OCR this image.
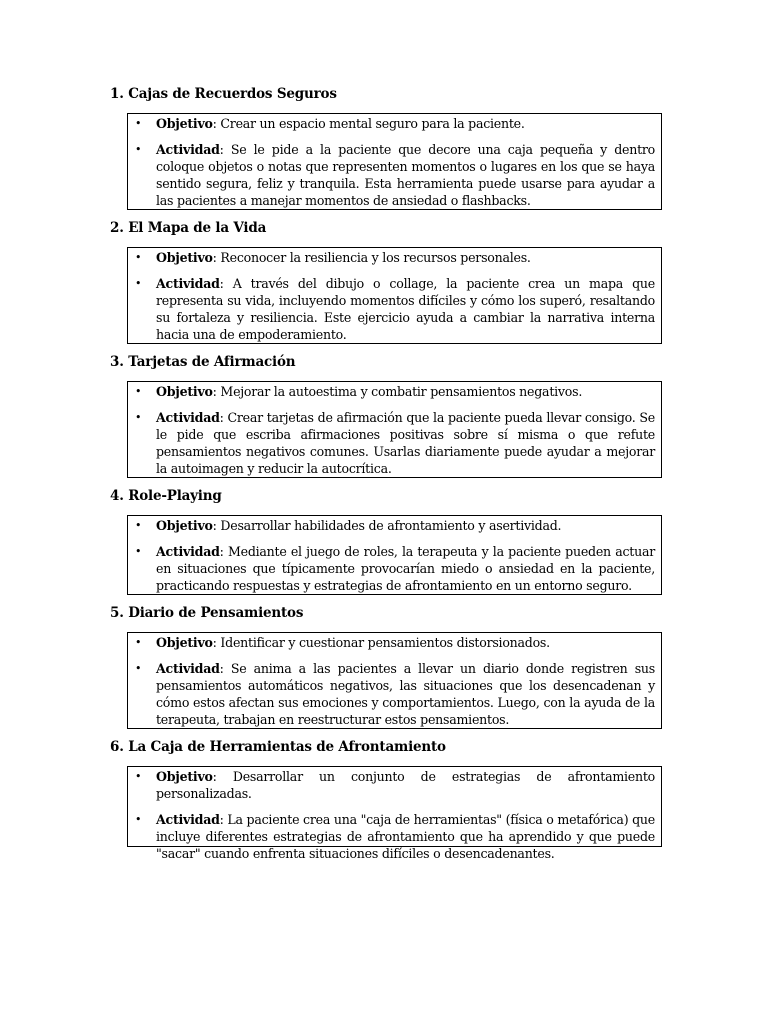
1. Cajas de Recuerdos Seguros
• Objetivo: Crear un espacio mental seguro para la paciente.
• Actividad: Se le pide a la paciente que decore una caja pequeña y dentro coloque objetos o notas que representen momentos o lugares en los que se haya sentido segura, feliz y tranquila. Esta herramienta puede usarse para ayudar a las pacientes a manejar momentos de ansiedad o flashbacks.
2. El Mapa de la Vida
• Objetivo: Reconocer la resiliencia y los recursos personales.
• Actividad: A través del dibujo o collage, la paciente crea un mapa que representa su vida, incluyendo momentos difíciles y cómo los superó, resaltando su fortaleza y resiliencia. Este ejercicio ayuda a cambiar la narrativa interna hacia una de empoderamiento.
3. Tarjetas de Afirmación
• Objetivo: Mejorar la autoestima y combatir pensamientos negativos.
• Actividad: Crear tarjetas de afirmación que la paciente pueda llevar consigo. Se le pide que escriba afirmaciones positivas sobre sí misma o que refute pensamientos negativos comunes. Usarlas diariamente puede ayudar a mejorar la autoimagen y reducir la autocrítica.
4. Role-Playing
• Objetivo: Desarrollar habilidades de afrontamiento y asertividad.
• Actividad: Mediante el juego de roles, la terapeuta y la paciente pueden actuar en situaciones que típicamente provocarían miedo o ansiedad en la paciente, practicando respuestas y estrategias de afrontamiento en un entorno seguro.
5. Diario de Pensamientos
• Objetivo: Identificar y cuestionar pensamientos distorsionados.
• Actividad: Se anima a las pacientes a llevar un diario donde registren sus pensamientos automáticos negativos, las situaciones que los desencadenan y cómo estos afectan sus emociones y comportamientos. Luego, con la ayuda de la terapeuta, trabajan en reestructurar estos pensamientos.
6. La Caja de Herramientas de Afrontamiento
• Objetivo: Desarrollar un conjunto de estrategias de afrontamiento personalizadas.
• Actividad: La paciente crea una "caja de herramientas" (física o metafórica) que incluye diferentes estrategias de afrontamiento que ha aprendido y que puede "sacar" cuando enfrenta situaciones difíciles o desencadenantes.
